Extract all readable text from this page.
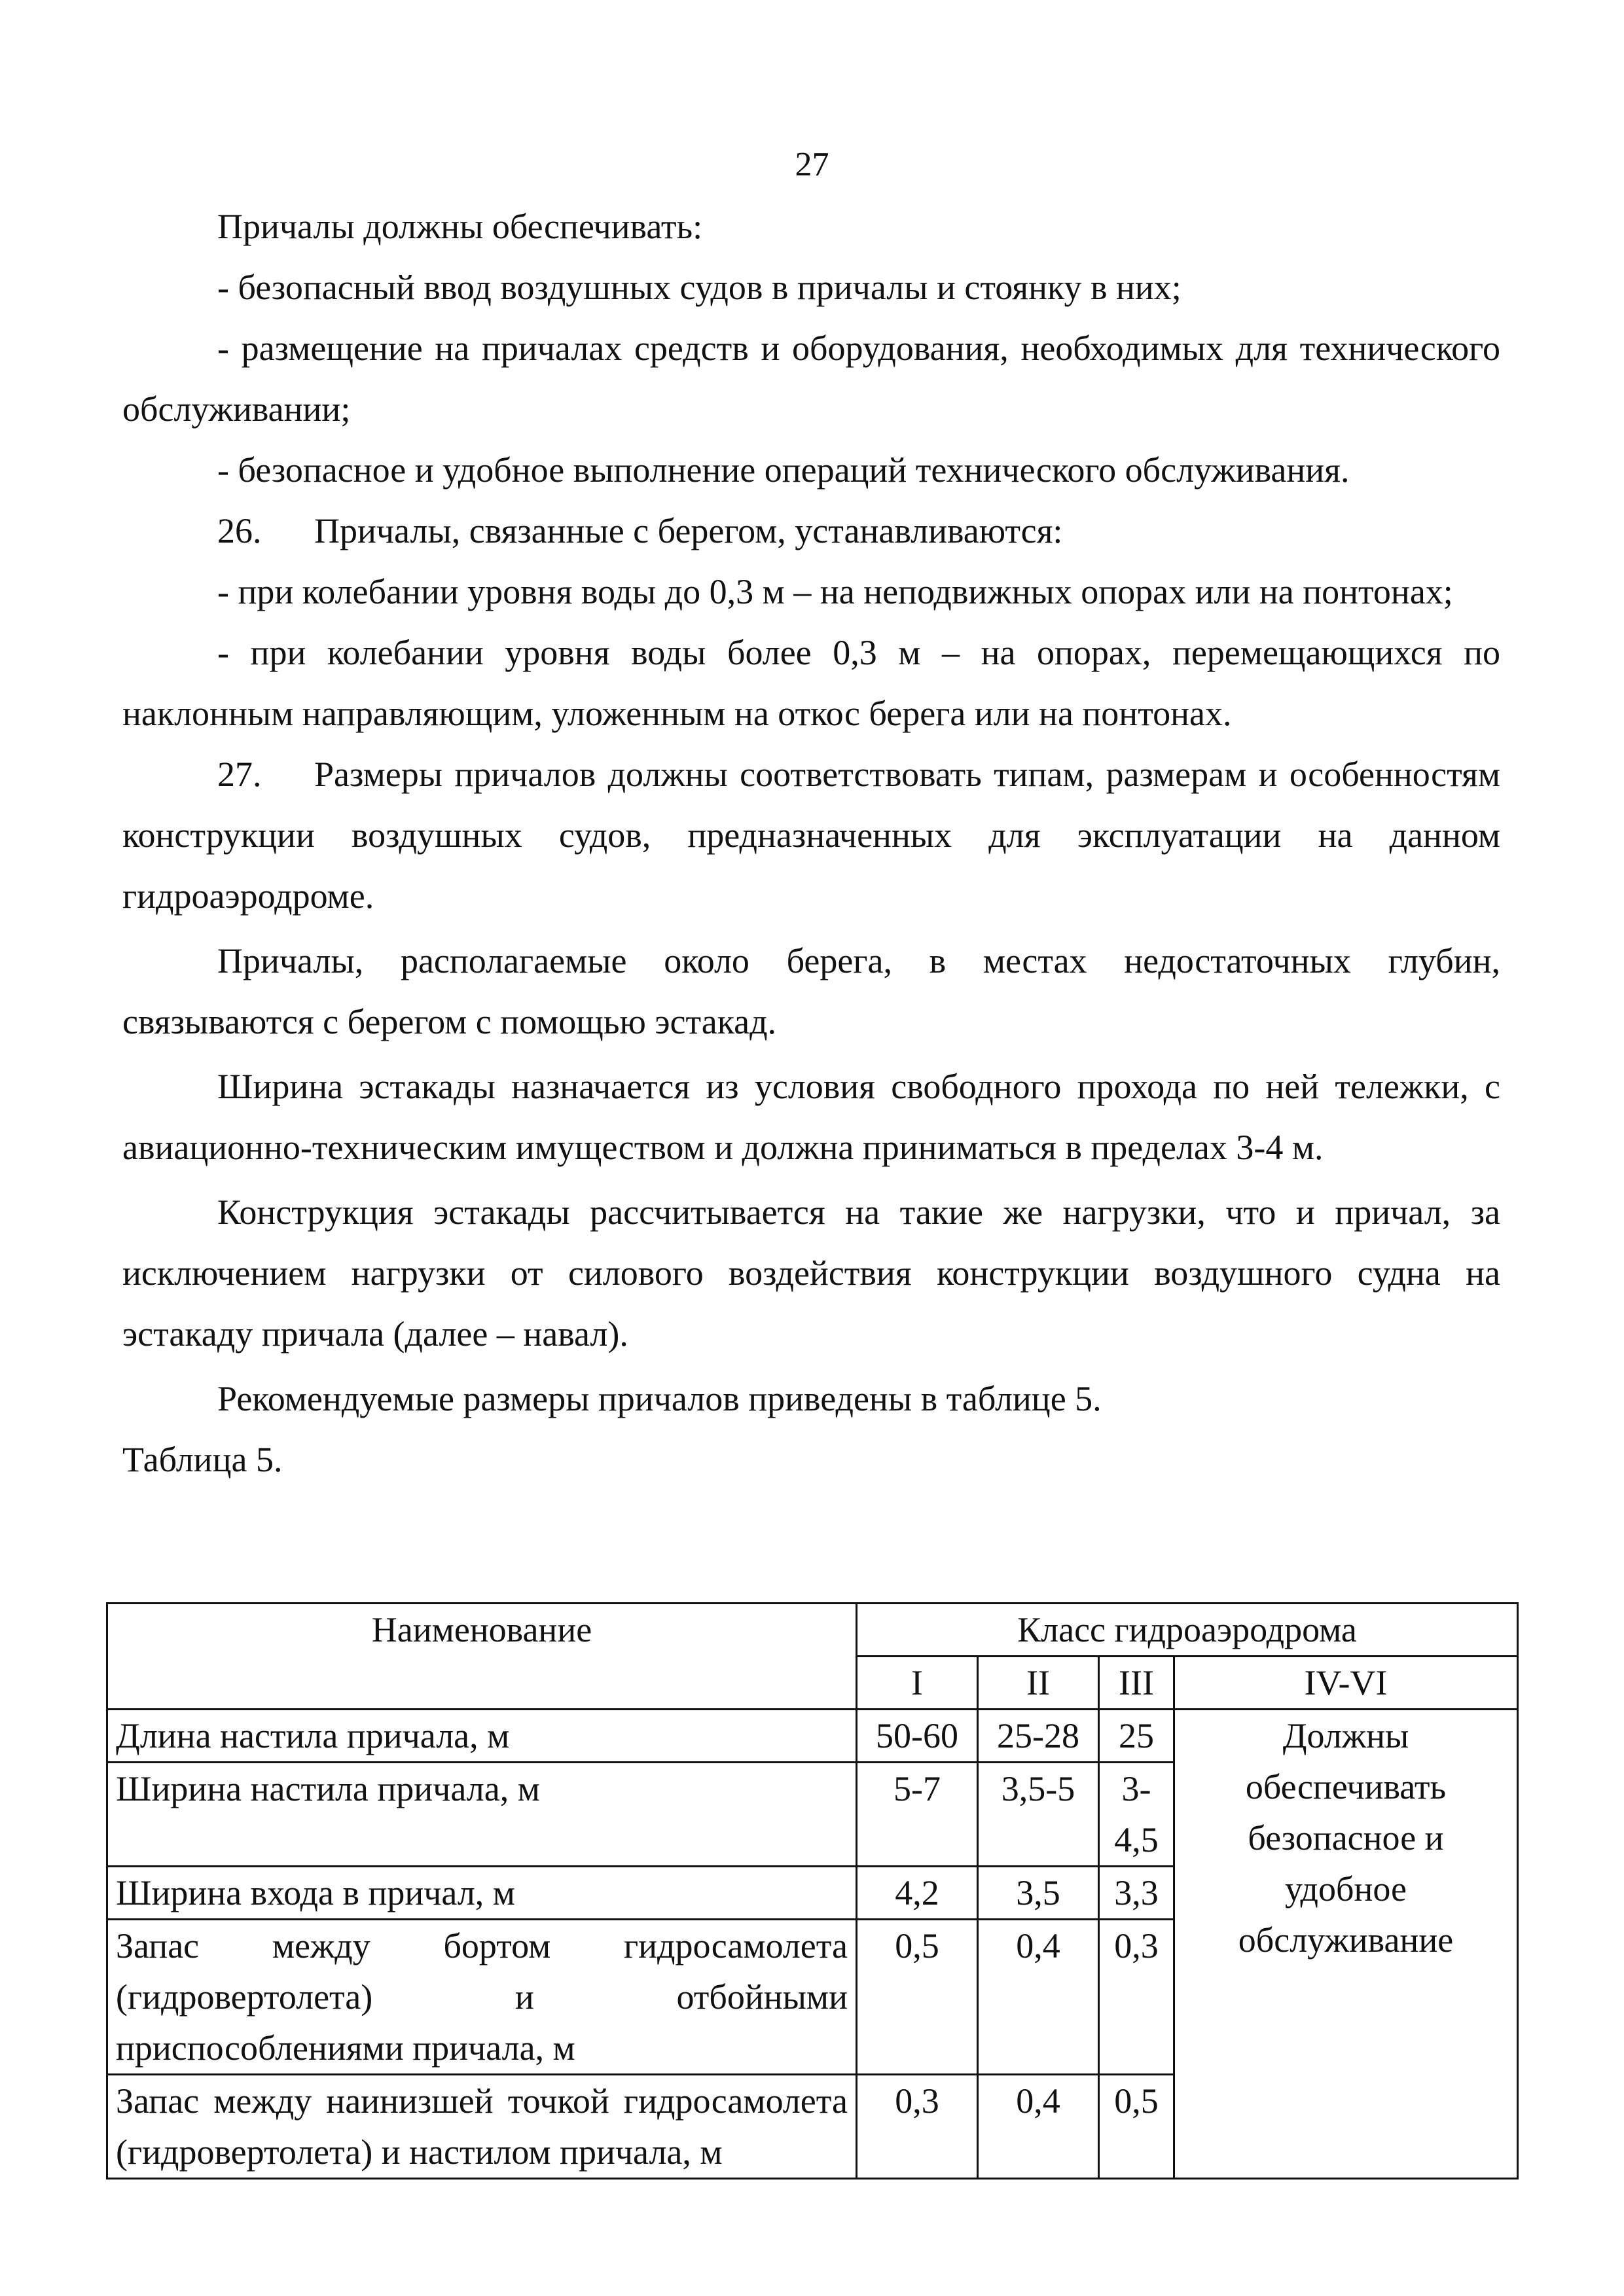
27

Причалы должны обеспечивать:

- безопасный ввод воздушных судов в причалы и стоянку в них;

- размещение на причалах средств и оборудования, необходимых для технического обслуживании;

- безопасное и удобное выполнение операций технического обслуживания.

26. Причалы, связанные с берегом, устанавливаются:

- при колебании уровня воды до 0,3 м – на неподвижных опорах или на понтонах;

- при колебании уровня воды более 0,3 м – на опорах, перемещающихся по наклонным направляющим, уложенным на откос берега или на понтонах.

27. Размеры причалов должны соответствовать типам, размерам и особенностям конструкции воздушных судов, предназначенных для эксплуатации на данном гидроаэродроме.

Причалы, располагаемые около берега, в местах недостаточных глубин, связываются с берегом с помощью эстакад.

Ширина эстакады назначается из условия свободного прохода по ней тележки, с авиационно-техническим имуществом и должна приниматься в пределах 3-4 м.

Конструкция эстакады рассчитывается на такие же нагрузки, что и причал, за исключением нагрузки от силового воздействия конструкции воздушного судна на эстакаду причала (далее – навал).

Рекомендуемые размеры причалов приведены в таблице 5.

Таблица 5.

Наименование	Класс гидроаэродрома			
	I	II	III	IV-VI
Длина настила причала, м	50-60	25-28	25	Должны обеспечивать безопасное и удобное обслуживание
Ширина настила причала, м	5-7	3,5-5	3-4,5	
Ширина входа в причал, м	4,2	3,5	3,3	

Запас между бортом гидросамолета
(гидровертолета) и отбойными
приспособлениями причала, м	0,5	0,4	0,3	
Запас между наинизшей точкой гидросамолета (гидровертолета) и настилом причала, м	0,3	0,4	0,5	
